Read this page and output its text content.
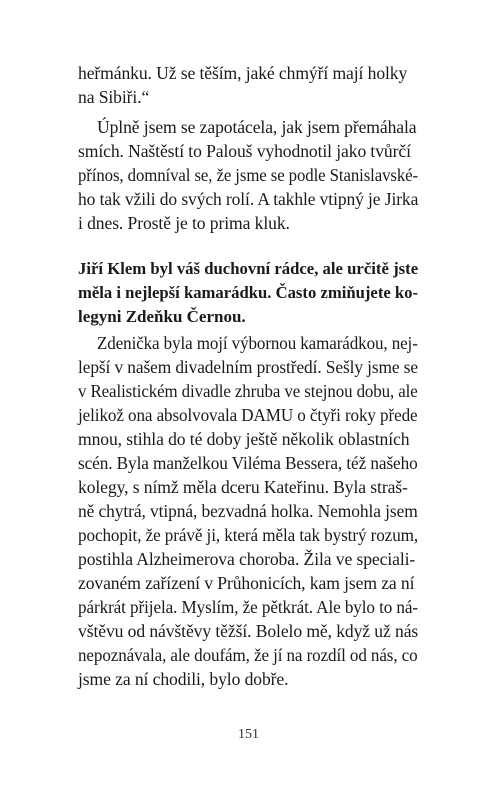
heřmánku. Už se těším, jaké chmýří mají holky

na Sibiři.“

Úplně jsem se zapotácela, jak jsem přemáhala

smích. Naštěstí to Palouš vyhodnotil jako tvůrčí

přínos, domníval se, že jsme se podle Stanislavské-

ho tak vžili do svých rolí. A takhle vtipný je Jirka

i dnes. Prostě je to prima kluk.

Jiří Klem byl váš duchovní rádce, ale určitě jste

měla i nejlepší kamarádku. Často zmiňujete ko-

legyni Zdeňku Černou.

Zdenička byla mojí výbornou kamarádkou, nej-

lepší v našem divadelním prostředí. Sešly jsme se

v Realistickém divadle zhruba ve stejnou dobu, ale

jelikož ona absolvovala DAMU o čtyři roky přede

mnou, stihla do té doby ještě několik oblastních

scén. Byla manželkou Viléma Bessera, též našeho

kolegy, s nímž měla dceru Kateřinu. Byla straš-

ně chytrá, vtipná, bezvadná holka. Nemohla jsem

pochopit, že právě ji, která měla tak bystrý rozum,

postihla Alzheimerova choroba. Žila ve speciali-

zovaném zařízení v Průhonicích, kam jsem za ní

párkrát přijela. Myslím, že pětkrát. Ale bylo to ná-

vštěvu od návštěvy těžší. Bolelo mě, když už nás

nepoznávala, ale doufám, že jí na rozdíl od nás, co

jsme za ní chodili, bylo dobře.

151
